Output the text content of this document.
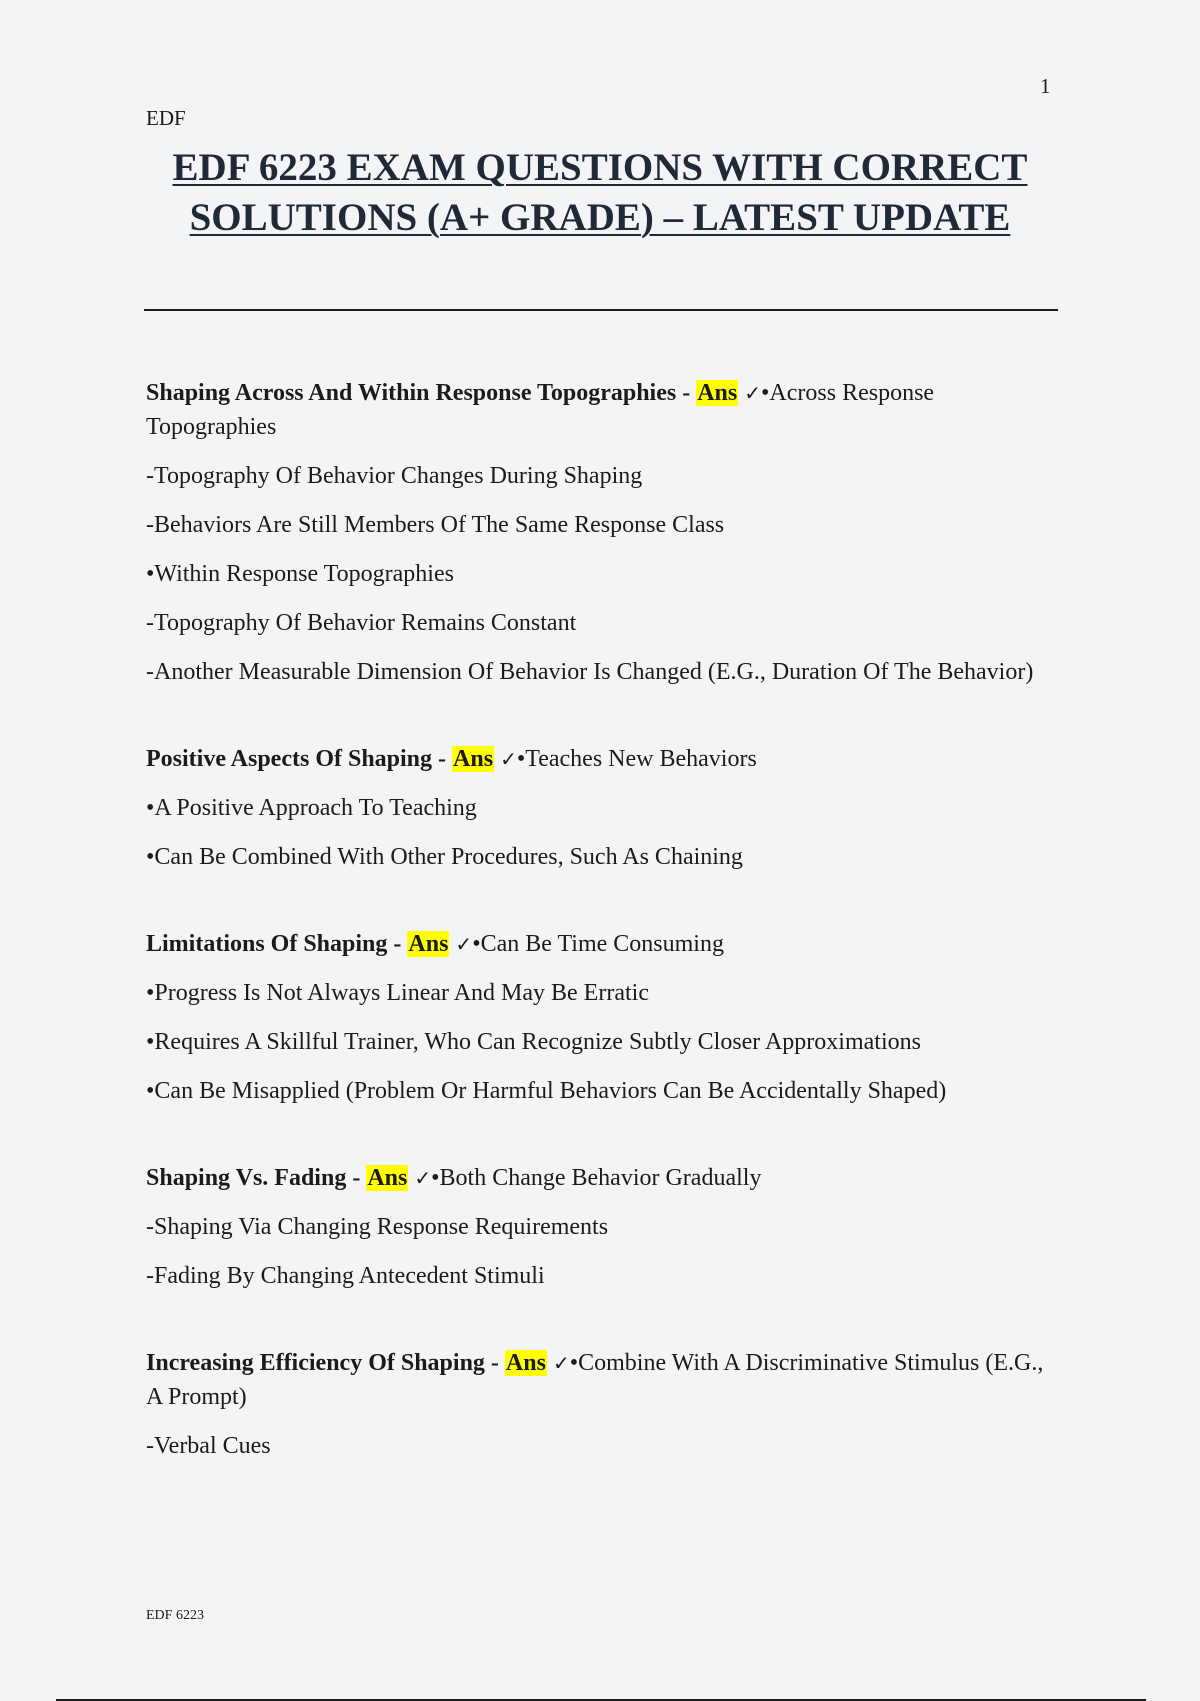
1
EDF
EDF 6223 EXAM QUESTIONS WITH CORRECT SOLUTIONS (A+ GRADE) – LATEST UPDATE

Shaping Across And Within Response Topographies - Ans ✓•Across Response Topographies

-Topography Of Behavior Changes During Shaping

-Behaviors Are Still Members Of The Same Response Class

•Within Response Topographies

-Topography Of Behavior Remains Constant

-Another Measurable Dimension Of Behavior Is Changed (E.G., Duration Of The Behavior)

Positive Aspects Of Shaping - Ans ✓•Teaches New Behaviors

•A Positive Approach To Teaching

•Can Be Combined With Other Procedures, Such As Chaining

Limitations Of Shaping - Ans ✓•Can Be Time Consuming

•Progress Is Not Always Linear And May Be Erratic

•Requires A Skillful Trainer, Who Can Recognize Subtly Closer Approximations

•Can Be Misapplied (Problem Or Harmful Behaviors Can Be Accidentally Shaped)

Shaping Vs. Fading - Ans ✓•Both Change Behavior Gradually

-Shaping Via Changing Response Requirements

-Fading By Changing Antecedent Stimuli

Increasing Efficiency Of Shaping - Ans ✓•Combine With A Discriminative Stimulus (E.G., A Prompt)

-Verbal Cues

EDF 6223
